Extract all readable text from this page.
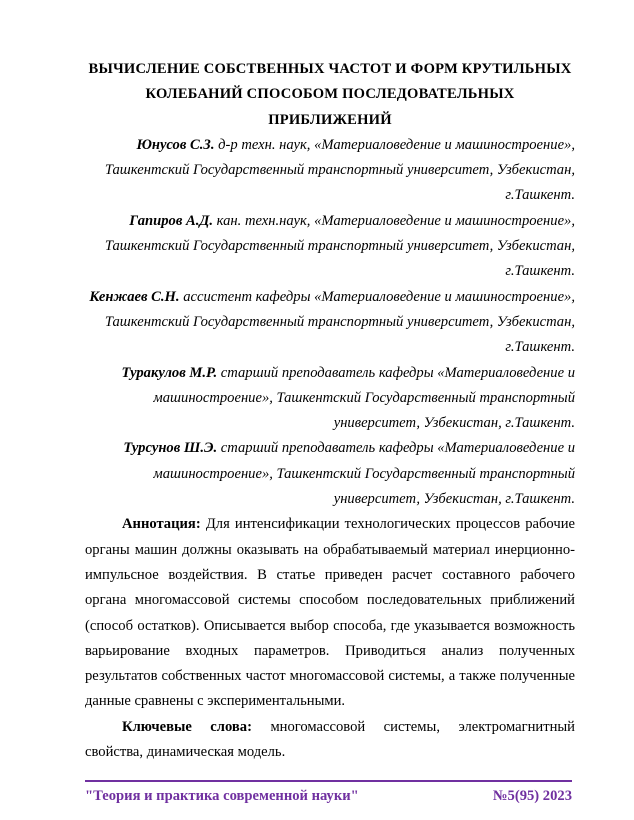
ВЫЧИСЛЕНИЕ СОБСТВЕННЫХ ЧАСТОТ И ФОРМ КРУТИЛЬНЫХ КОЛЕБАНИЙ СПОСОБОМ ПОСЛЕДОВАТЕЛЬНЫХ ПРИБЛИЖЕНИЙ

Юнусов С.З. д-р техн. наук, «Материаловедение и машиностроение», Ташкентский Государственный транспортный университет, Узбекистан, г.Ташкент.

Гапиров А.Д. кан. техн.наук, «Материаловедение и машиностроение», Ташкентский Государственный транспортный университет, Узбекистан, г.Ташкент.

Кенжаев С.Н. ассистент кафедры «Материаловедение и машиностроение», Ташкентский Государственный транспортный университет, Узбекистан, г.Ташкент.

Туракулов М.Р. старший преподаватель кафедры «Материаловедение и машиностроение», Ташкентский Государственный транспортный университет, Узбекистан, г.Ташкент.

Турсунов Ш.Э. старший преподаватель кафедры «Материаловедение и машиностроение», Ташкентский Государственный транспортный университет, Узбекистан, г.Ташкент.

Аннотация: Для интенсификации технологических процессов рабочие органы машин должны оказывать на обрабатываемый материал инерционно-импульсное воздействия. В статье приведен расчет составного рабочего органа многомассовой системы способом последовательных приближений (способ остатков). Описывается выбор способа, где указывается возможность варьирование входных параметров. Приводиться анализ полученных результатов собственных частот многомассовой системы, а также полученные данные сравнены с экспериментальными.

Ключевые слова: многомассовой системы, электромагнитный свойства, динамическая модель.

"Теория и практика современной науки"	№5(95) 2023
